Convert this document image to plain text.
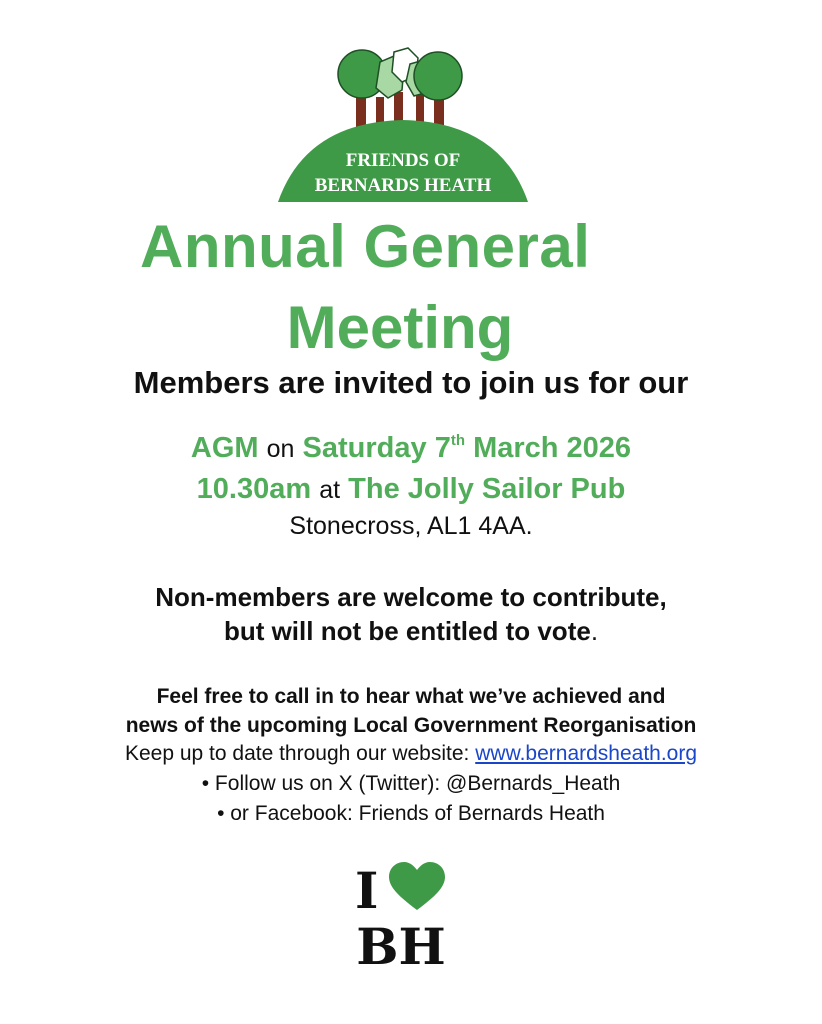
FRIENDS OF
BERNARDS HEATH
Annual General
Meeting
Members are invited to join us for our
AGM on Saturday 7th March 2026
10.30am at The Jolly Sailor Pub
Stonecross, AL1 4AA.
Non-members are welcome to contribute,
but will not be entitled to vote.
Feel free to call in to hear what we’ve achieved and
news of the upcoming Local Government Reorganisation
Keep up to date through our website: www.bernardsheath.org
• Follow us on X (Twitter): @Bernards_Heath
• or Facebook: Friends of Bernards Heath
I
BH
